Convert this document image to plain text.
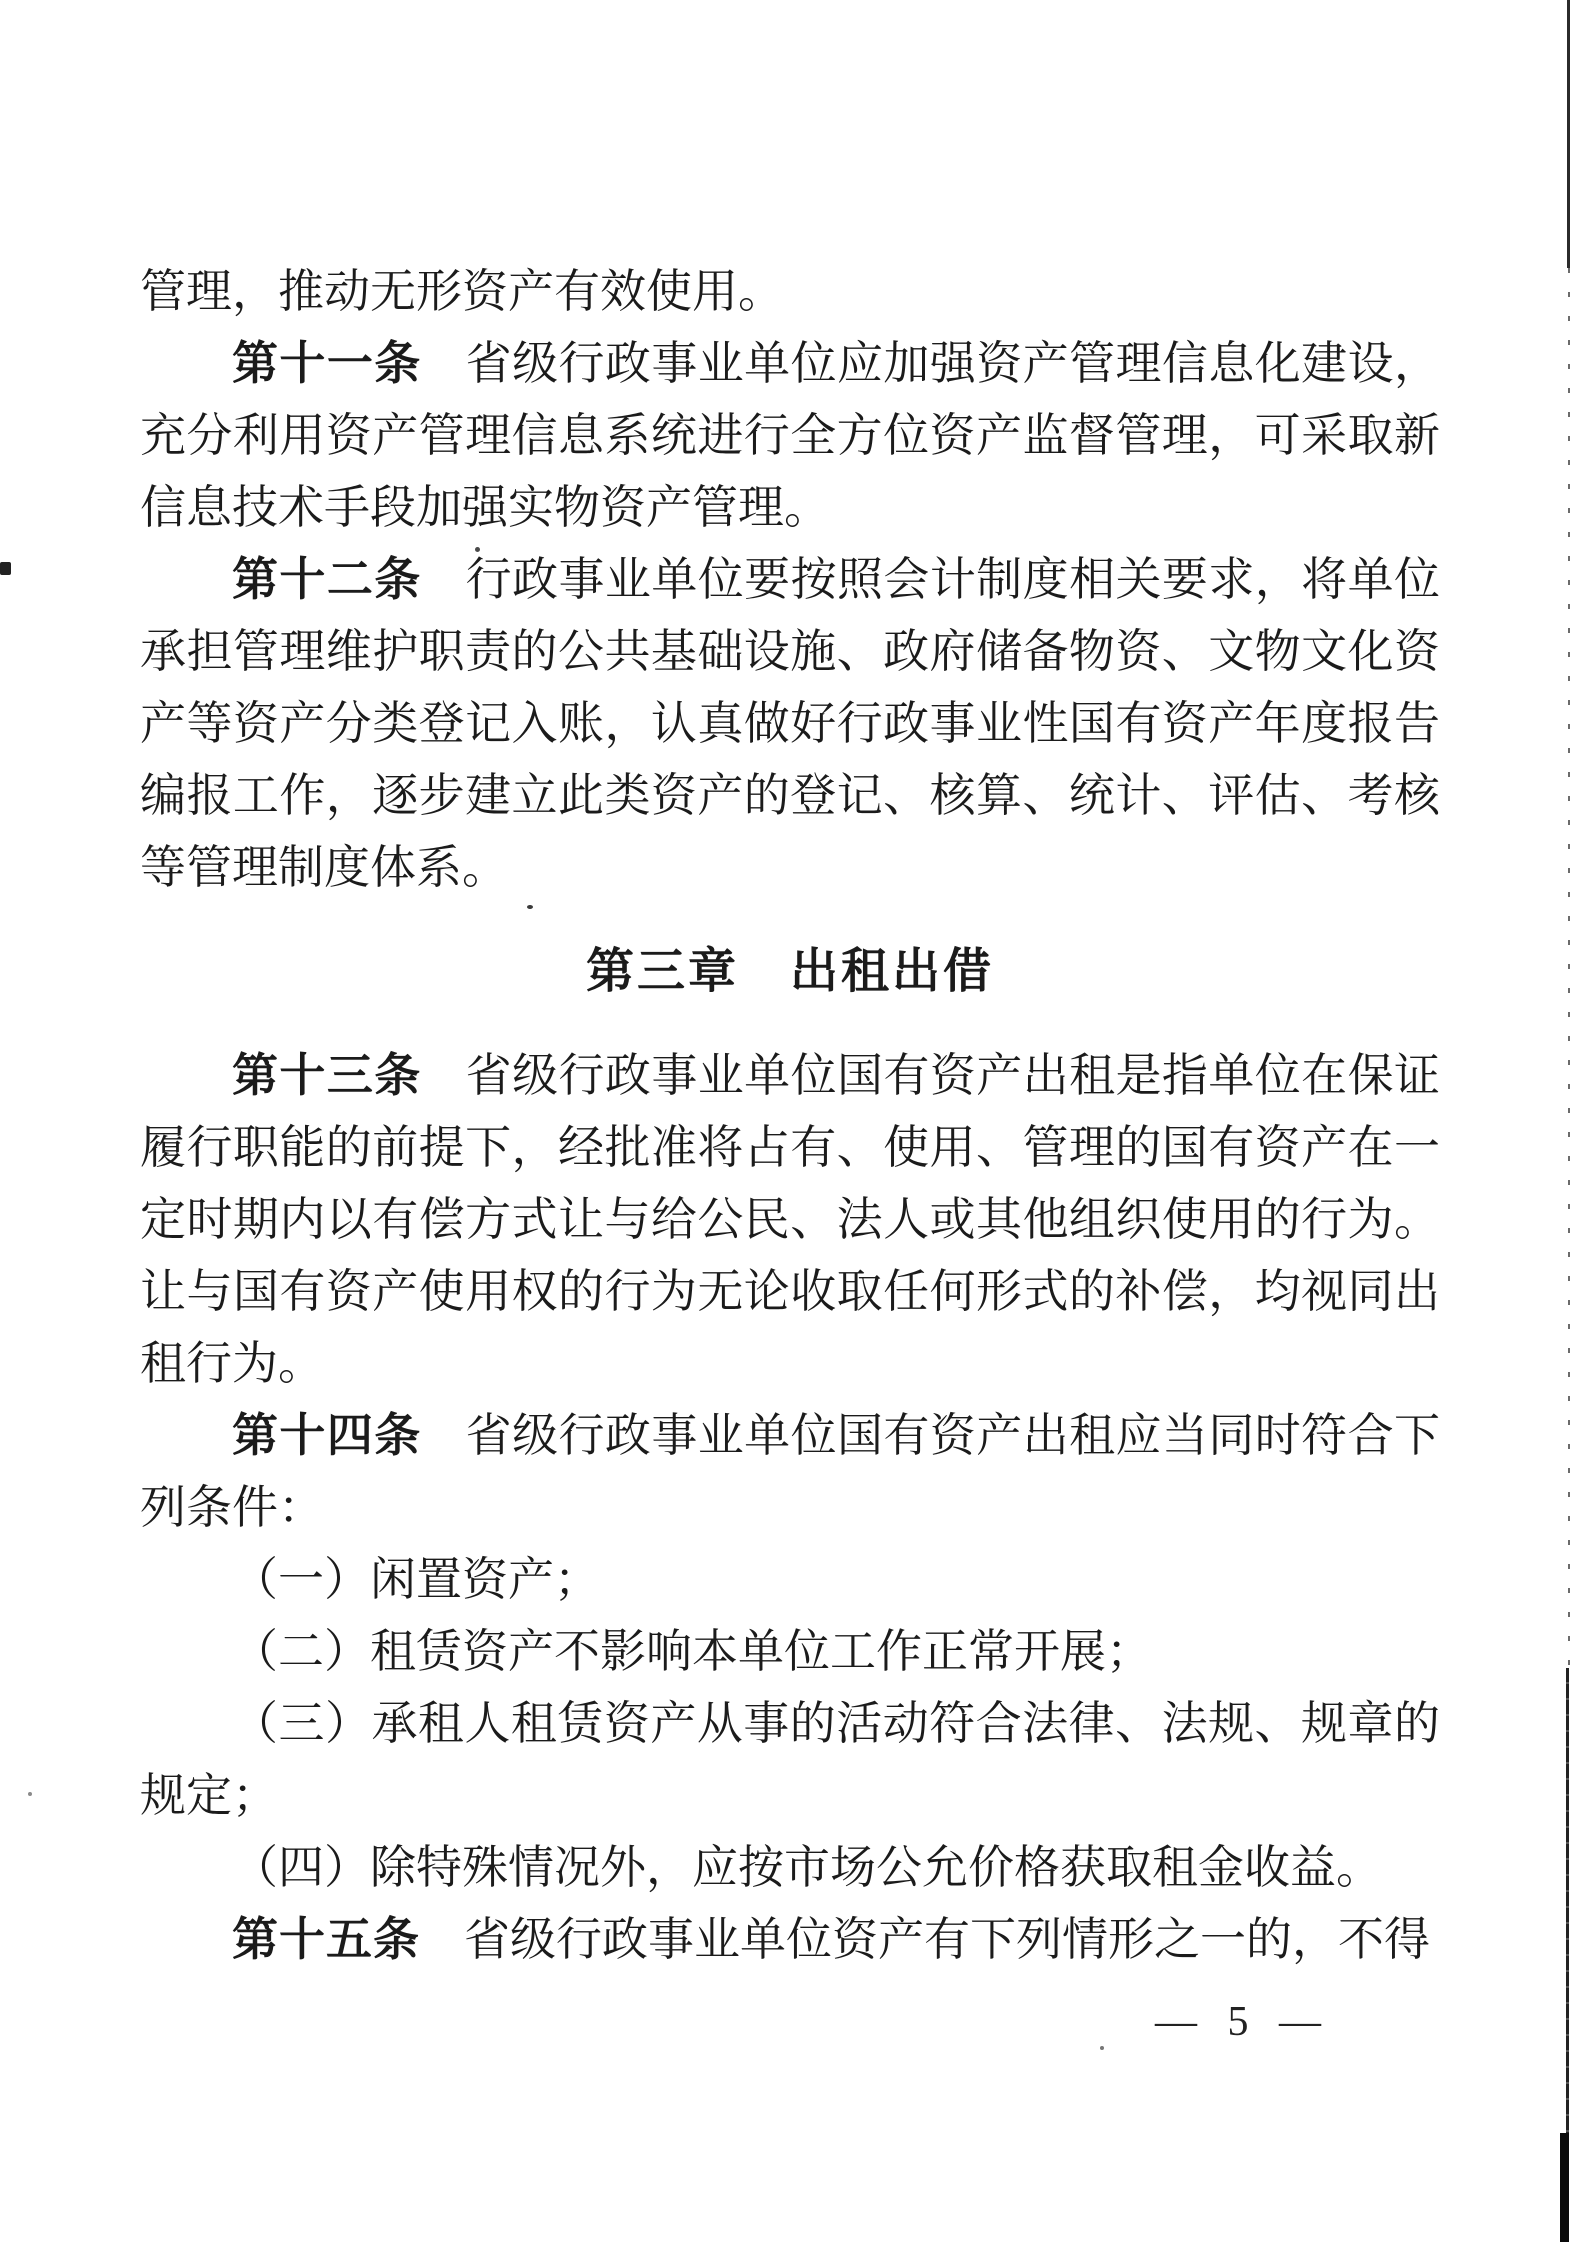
管理，推动无形资产有效使用。

第十一条 省级行政事业单位应加强资产管理信息化建设，充分利用资产管理信息系统进行全方位资产监督管理，可采取新信息技术手段加强实物资产管理。

第十二条 行政事业单位要按照会计制度相关要求，将单位承担管理维护职责的公共基础设施、政府储备物资、文物文化资产等资产分类登记入账，认真做好行政事业性国有资产年度报告编报工作，逐步建立此类资产的登记、核算、统计、评估、考核等管理制度体系。

第三章　出租出借

第十三条 省级行政事业单位国有资产出租是指单位在保证履行职能的前提下，经批准将占有、使用、管理的国有资产在一定时期内以有偿方式让与给公民、法人或其他组织使用的行为。让与国有资产使用权的行为无论收取任何形式的补偿，均视同出租行为。

第十四条 省级行政事业单位国有资产出租应当同时符合下列条件：

（一）闲置资产；

（二）租赁资产不影响本单位工作正常开展；

（三）承租人租赁资产从事的活动符合法律、法规、规章的规定；

（四）除特殊情况外，应按市场公允价格获取租金收益。

第十五条 省级行政事业单位资产有下列情形之一的，不得

— 5 —
